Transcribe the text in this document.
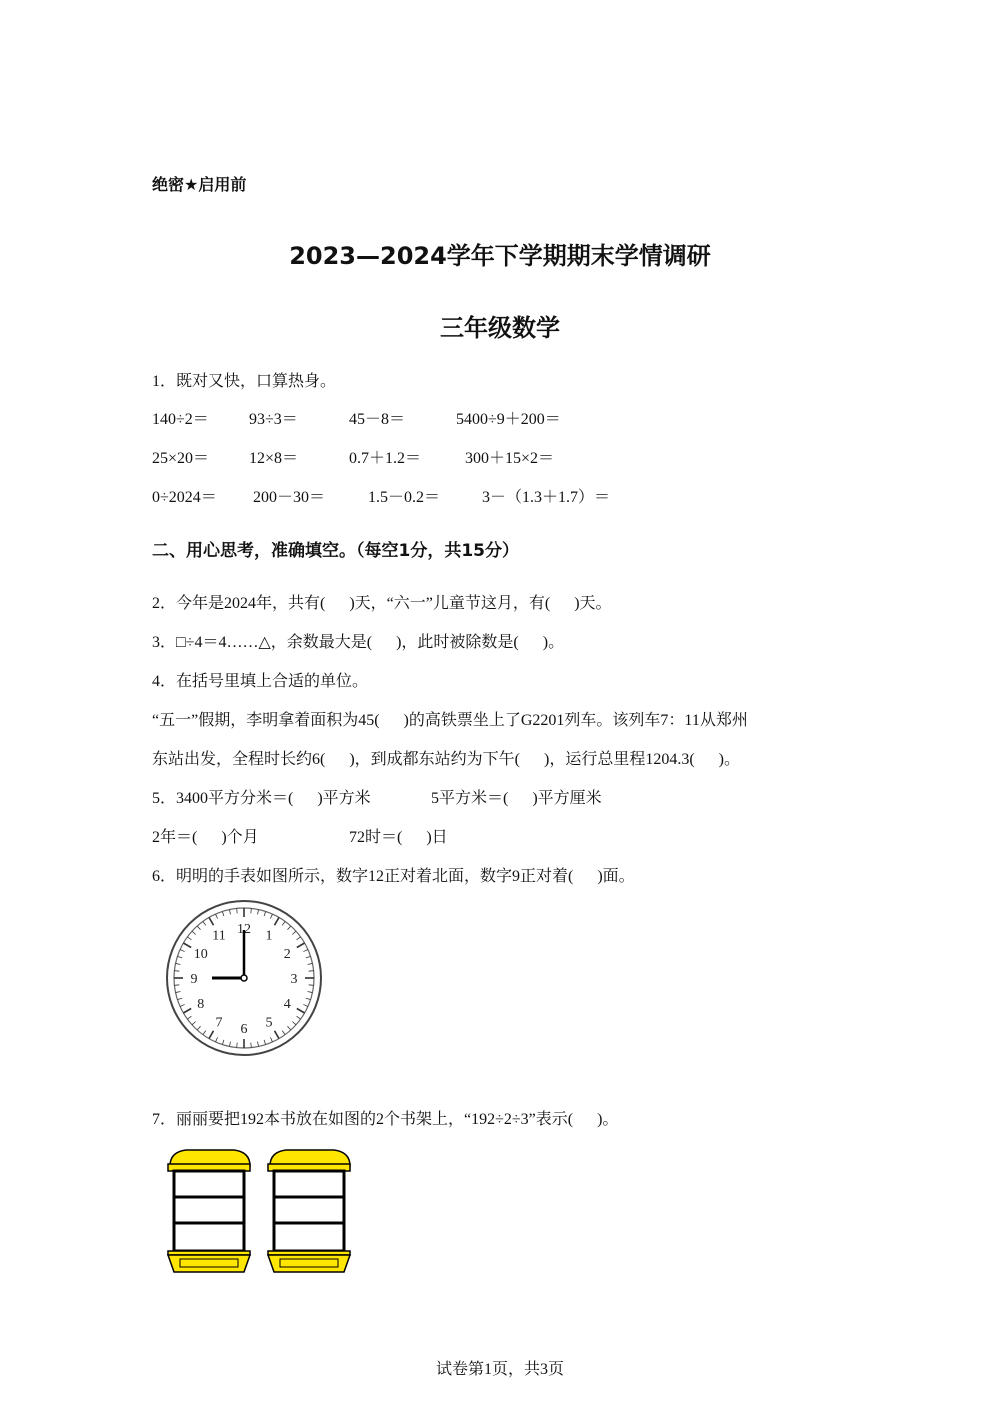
绝密★启用前
2023—2024学年下学期期末学情调研
三年级数学
1．既对又快，口算热身。
140÷2＝	93÷3＝	45－8＝	5400÷9＋200＝
25×20＝ 12×8＝	0.7＋1.2＝	300＋15×2＝
0÷2024＝ 200－30＝	1.5－0.2＝	3－（1.3＋1.7）＝
二、用心思考，准确填空。（每空1分，共15分）
2．今年是2024年，共有(      )天，“六一”儿童节这月，有(      )天。
3．□÷4＝4……△，余数最大是(      )，此时被除数是(      )。
4．在括号里填上合适的单位。
“五一”假期，李明拿着面积为45(      )的高铁票坐上了G2201列车。该列车7：11从郑州
东站出发，全程时长约6(      )，到成都东站约为下午(      )，运行总里程1204.3(      )。
5．3400平方分米＝(      )平方米	5平方米＝(      )平方厘米
2年＝(      )个月	72时＝(      )日
6．明明的手表如图所示，数字12正对着北面，数字9正对着(      )面。
12 1
2
3
4
5
6
7
8
9
10
11
7．丽丽要把192本书放在如图的2个书架上，“192÷2÷3”表示(      )。
试卷第1页，共3页
